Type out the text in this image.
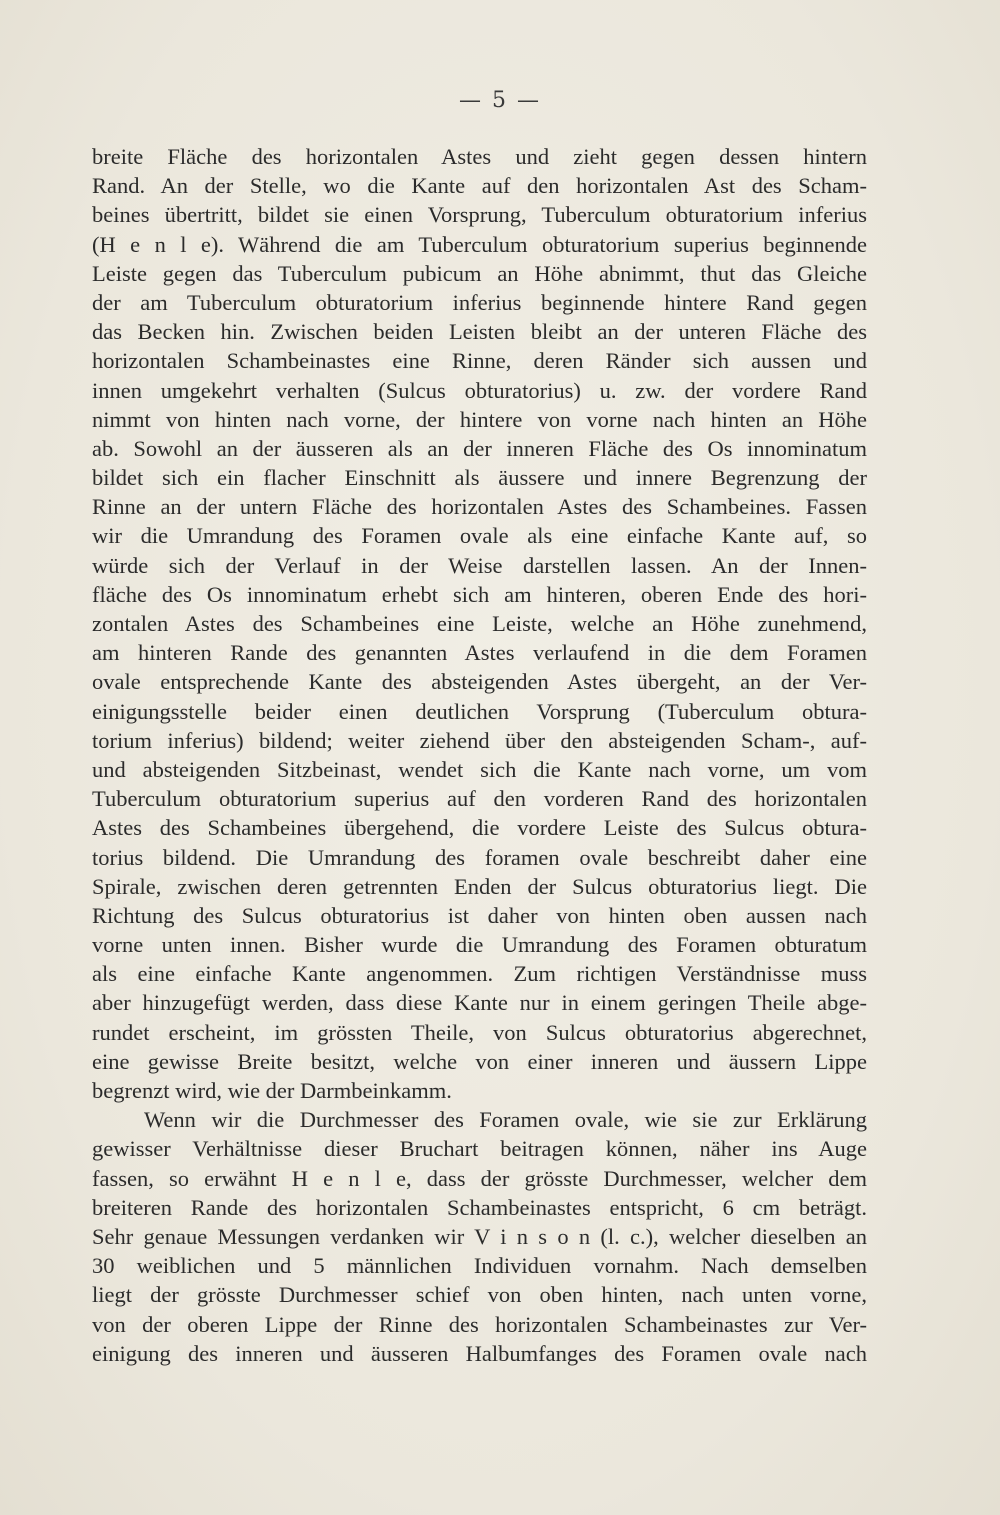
— 5 —
breite Fläche des horizontalen Astes und zieht gegen dessen hintern
Rand. An der Stelle, wo die Kante auf den horizontalen Ast des Scham-
beines übertritt, bildet sie einen Vorsprung, Tuberculum obturatorium inferius
(H e n l e). Während die am Tuberculum obturatorium superius beginnende
Leiste gegen das Tuberculum pubicum an Höhe abnimmt, thut das Gleiche
der am Tuberculum obturatorium inferius beginnende hintere Rand gegen
das Becken hin. Zwischen beiden Leisten bleibt an der unteren Fläche des
horizontalen Schambeinastes eine Rinne, deren Ränder sich aussen und
innen umgekehrt verhalten (Sulcus obturatorius) u. zw. der vordere Rand
nimmt von hinten nach vorne, der hintere von vorne nach hinten an Höhe
ab. Sowohl an der äusseren als an der inneren Fläche des Os innominatum
bildet sich ein flacher Einschnitt als äussere und innere Begrenzung der
Rinne an der untern Fläche des horizontalen Astes des Schambeines. Fassen
wir die Umrandung des Foramen ovale als eine einfache Kante auf, so
würde sich der Verlauf in der Weise darstellen lassen. An der Innen-
fläche des Os innominatum erhebt sich am hinteren, oberen Ende des hori-
zontalen Astes des Schambeines eine Leiste, welche an Höhe zunehmend,
am hinteren Rande des genannten Astes verlaufend in die dem Foramen
ovale entsprechende Kante des absteigenden Astes übergeht, an der Ver-
einigungsstelle beider einen deutlichen Vorsprung (Tuberculum obtura-
torium inferius) bildend; weiter ziehend über den absteigenden Scham-, auf-
und absteigenden Sitzbeinast, wendet sich die Kante nach vorne, um vom
Tuberculum obturatorium superius auf den vorderen Rand des horizontalen
Astes des Schambeines übergehend, die vordere Leiste des Sulcus obtura-
torius bildend. Die Umrandung des foramen ovale beschreibt daher eine
Spirale, zwischen deren getrennten Enden der Sulcus obturatorius liegt. Die
Richtung des Sulcus obturatorius ist daher von hinten oben aussen nach
vorne unten innen. Bisher wurde die Umrandung des Foramen obturatum
als eine einfache Kante angenommen. Zum richtigen Verständnisse muss
aber hinzugefügt werden, dass diese Kante nur in einem geringen Theile abge-
rundet erscheint, im grössten Theile, von Sulcus obturatorius abgerechnet,
eine gewisse Breite besitzt, welche von einer inneren und äussern Lippe
begrenzt wird, wie der Darmbeinkamm.
Wenn wir die Durchmesser des Foramen ovale, wie sie zur Erklärung
gewisser Verhältnisse dieser Bruchart beitragen können, näher ins Auge
fassen, so erwähnt H e n l e, dass der grösste Durchmesser, welcher dem
breiteren Rande des horizontalen Schambeinastes entspricht, 6 cm beträgt.
Sehr genaue Messungen verdanken wir V i n s o n (l. c.), welcher dieselben an
30 weiblichen und 5 männlichen Individuen vornahm. Nach demselben
liegt der grösste Durchmesser schief von oben hinten, nach unten vorne,
von der oberen Lippe der Rinne des horizontalen Schambeinastes zur Ver-
einigung des inneren und äusseren Halbumfanges des Foramen ovale nach
